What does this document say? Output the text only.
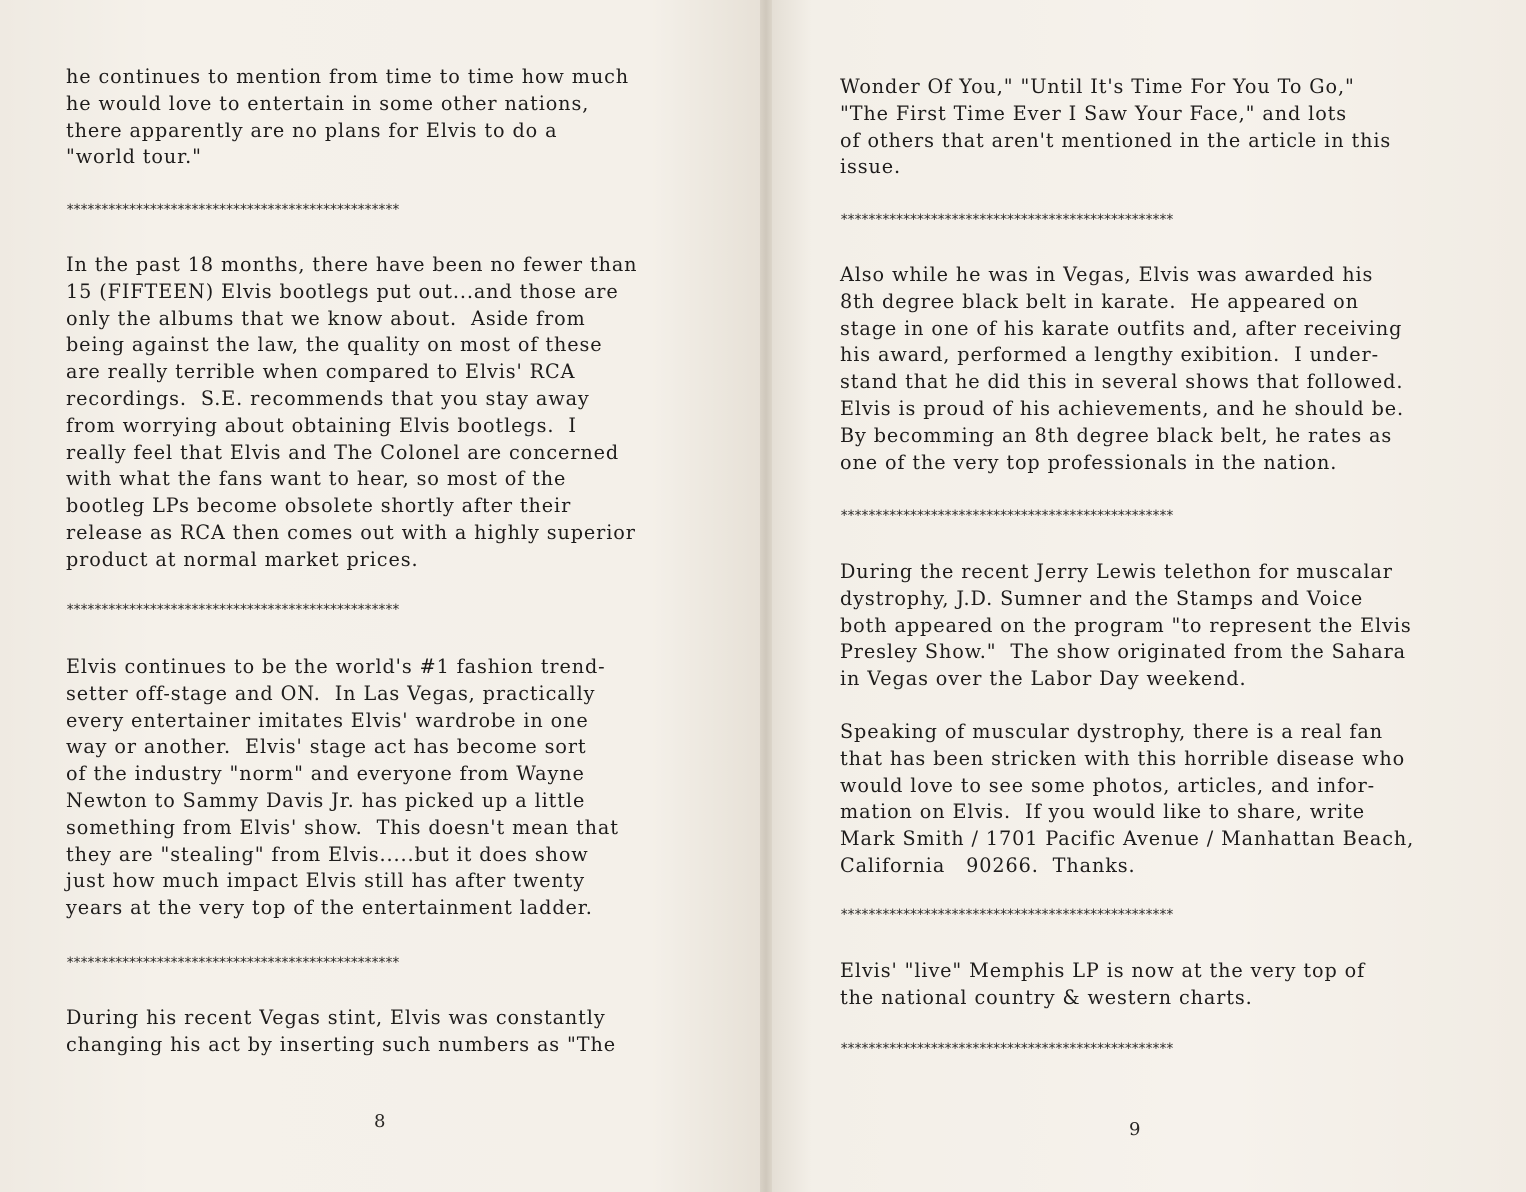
he continues to mention from time to time how much
he would love to entertain in some other nations,
there apparently are no plans for Elvis to do a
"world tour."

************************************************

In the past 18 months, there have been no fewer than
15 (FIFTEEN) Elvis bootlegs put out...and those are
only the albums that we know about.  Aside from
being against the law, the quality on most of these
are really terrible when compared to Elvis' RCA
recordings.  S.E. recommends that you stay away
from worrying about obtaining Elvis bootlegs.  I
really feel that Elvis and The Colonel are concerned
with what the fans want to hear, so most of the
bootleg LPs become obsolete shortly after their
release as RCA then comes out with a highly superior
product at normal market prices.

************************************************

Elvis continues to be the world's #1 fashion trend-
setter off-stage and ON.  In Las Vegas, practically
every entertainer imitates Elvis' wardrobe in one
way or another.  Elvis' stage act has become sort
of the industry "norm" and everyone from Wayne
Newton to Sammy Davis Jr. has picked up a little
something from Elvis' show.  This doesn't mean that
they are "stealing" from Elvis.....but it does show
just how much impact Elvis still has after twenty
years at the very top of the entertainment ladder.

************************************************

During his recent Vegas stint, Elvis was constantly
changing his act by inserting such numbers as "The

8

Wonder Of You," "Until It's Time For You To Go,"
"The First Time Ever I Saw Your Face," and lots
of others that aren't mentioned in the article in this
issue.

************************************************

Also while he was in Vegas, Elvis was awarded his
8th degree black belt in karate.  He appeared on
stage in one of his karate outfits and, after receiving
his award, performed a lengthy exibition.  I under-
stand that he did this in several shows that followed.
Elvis is proud of his achievements, and he should be.
By becomming an 8th degree black belt, he rates as
one of the very top professionals in the nation.

************************************************

During the recent Jerry Lewis telethon for muscalar
dystrophy, J.D. Sumner and the Stamps and Voice
both appeared on the program "to represent the Elvis
Presley Show."  The show originated from the Sahara
in Vegas over the Labor Day weekend.

Speaking of muscular dystrophy, there is a real fan
that has been stricken with this horrible disease who
would love to see some photos, articles, and infor-
mation on Elvis.  If you would like to share, write
Mark Smith / 1701 Pacific Avenue / Manhattan Beach,
California   90266.  Thanks.

************************************************

Elvis' "live" Memphis LP is now at the very top of
the national country & western charts.

************************************************
9
